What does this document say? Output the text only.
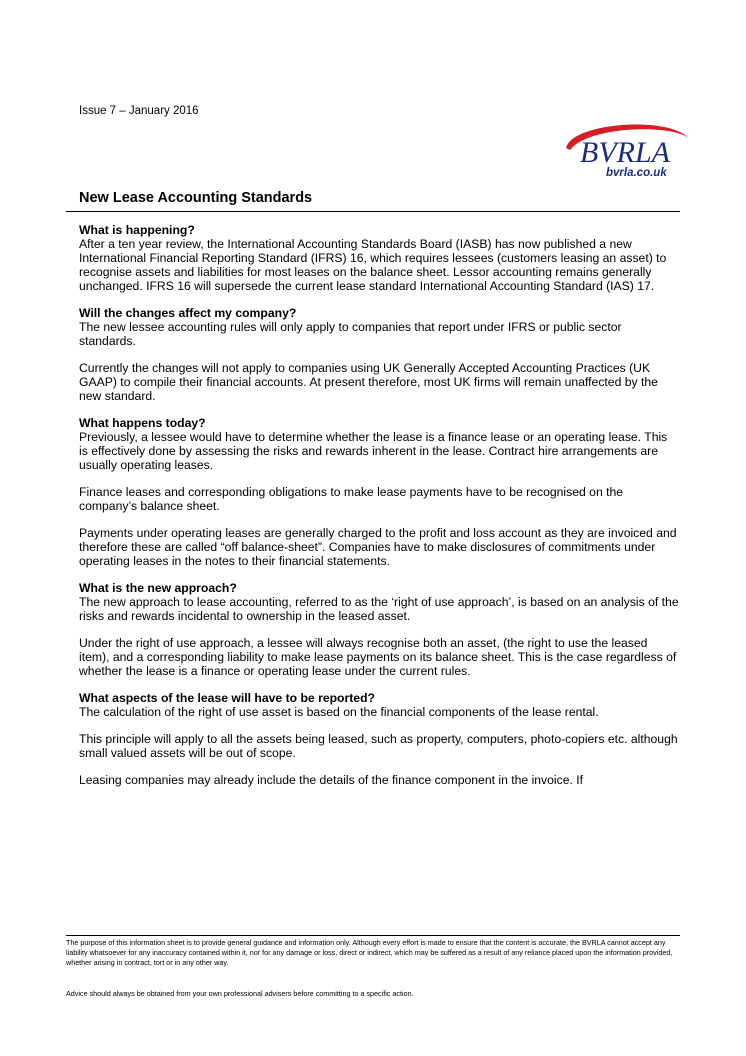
Issue 7 – January 2016
BVRLA
bvrla.co.uk
New Lease Accounting Standards
What is happening?

After a ten year review, the International Accounting Standards Board (IASB) has now published a new International Financial Reporting Standard (IFRS) 16, which requires lessees (customers leasing an asset) to recognise assets and liabilities for most leases on the balance sheet. Lessor accounting remains generally unchanged. IFRS 16 will supersede the current lease standard International Accounting Standard (IAS) 17.

Will the changes affect my company?

The new lessee accounting rules will only apply to companies that report under IFRS or public sector standards.

Currently the changes will not apply to companies using UK Generally Accepted Accounting Practices (UK GAAP) to compile their financial accounts. At present therefore, most UK firms will remain unaffected by the new standard.

What happens today?

Previously, a lessee would have to determine whether the lease is a finance lease or an operating lease. This is effectively done by assessing the risks and rewards inherent in the lease. Contract hire arrangements are usually operating leases.

Finance leases and corresponding obligations to make lease payments have to be recognised on the company’s balance sheet.

Payments under operating leases are generally charged to the profit and loss account as they are invoiced and therefore these are called “off balance-sheet”. Companies have to make disclosures of commitments under operating leases in the notes to their financial statements.

What is the new approach?

The new approach to lease accounting, referred to as the ‘right of use approach’, is based on an analysis of the risks and rewards incidental to ownership in the leased asset.

Under the right of use approach, a lessee will always recognise both an asset, (the right to use the leased item), and a corresponding liability to make lease payments on its balance sheet. This is the case regardless of whether the lease is a finance or operating lease under the current rules.

What aspects of the lease will have to be reported?

The calculation of the right of use asset is based on the financial components of the lease rental.

This principle will apply to all the assets being leased, such as property, computers, photo-copiers etc. although small valued assets will be out of scope.

Leasing companies may already include the details of the finance component in the invoice. If

The purpose of this information sheet is to provide general guidance and information only. Although every effort is made to ensure that the content is accurate, the BVRLA cannot accept any liability whatsoever for any inaccuracy contained within it, nor for any damage or loss, direct or indirect, which may be suffered as a result of any reliance placed upon the information provided, whether arising in contract, tort or in any other way.

Advice should always be obtained from your own professional advisers before committing to a specific action.
